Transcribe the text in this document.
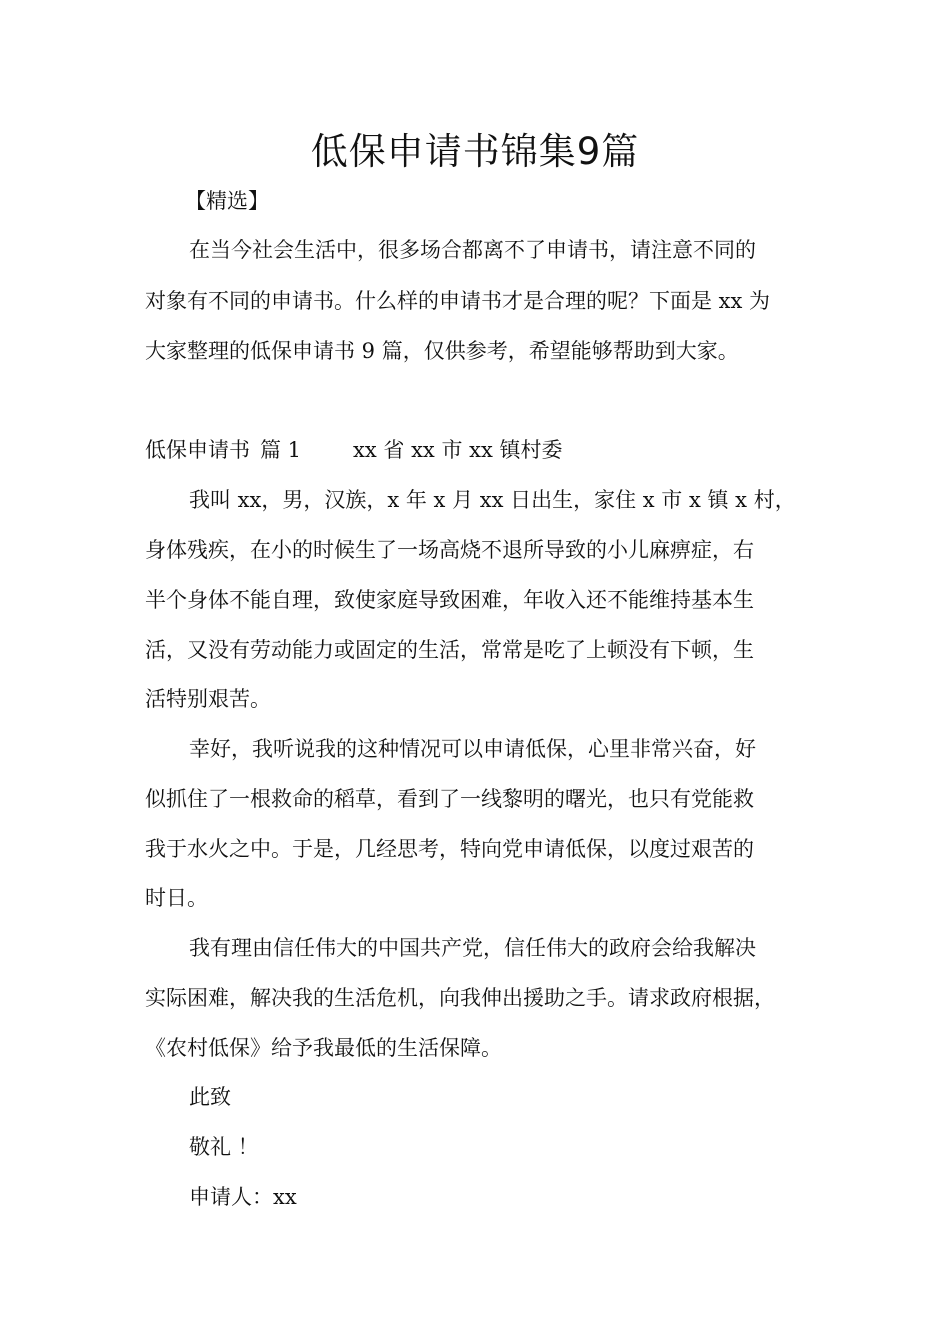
低保申请书锦集9篇
【精选】
在当今社会生活中，很多场合都离不了申请书，请注意不同的
对象有不同的申请书。什么样的申请书才是合理的呢？下面是 xx 为
大家整理的低保申请书 9 篇，仅供参考，希望能够帮助到大家。
低保申请书 篇 1 xx 省 xx 市 xx 镇村委
我叫 xx，男，汉族，x 年 x 月 xx 日出生，家住 x 市 x 镇 x 村，
身体残疾，在小的时候生了一场高烧不退所导致的小儿麻痹症，右
半个身体不能自理，致使家庭导致困难，年收入还不能维持基本生
活，又没有劳动能力或固定的生活，常常是吃了上顿没有下顿，生
活特别艰苦。
幸好，我听说我的这种情况可以申请低保，心里非常兴奋，好
似抓住了一根救命的稻草，看到了一线黎明的曙光，也只有党能救
我于水火之中。于是，几经思考，特向党申请低保，以度过艰苦的
时日。
我有理由信任伟大的中国共产党，信任伟大的政府会给我解决
实际困难，解决我的生活危机，向我伸出援助之手。请求政府根据，
《农村低保》给予我最低的生活保障。
此致
敬礼 ！
申请人：xx
